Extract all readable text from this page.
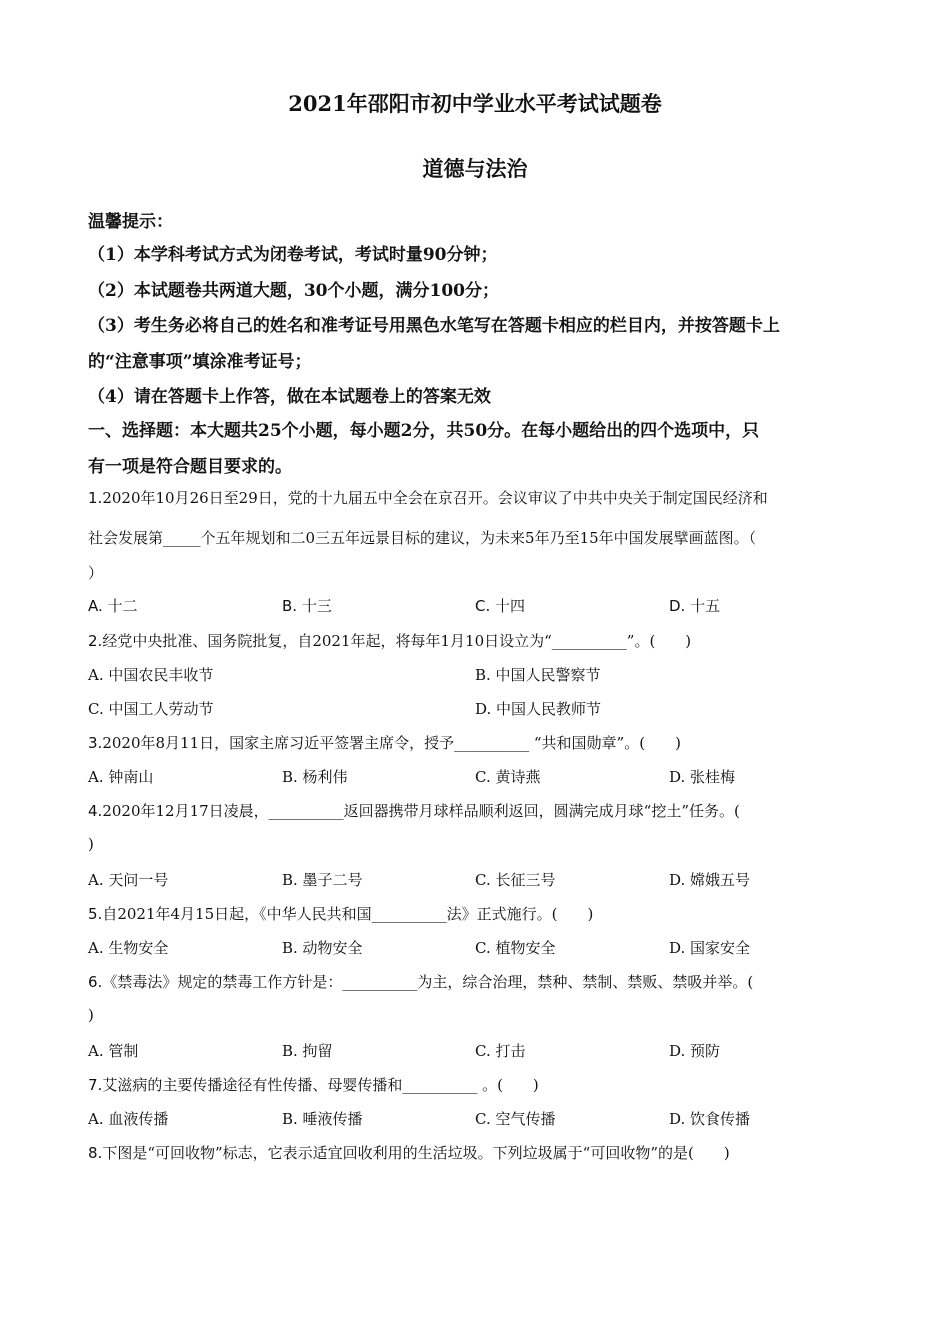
2021年邵阳市初中学业水平考试试题卷
道德与法治
温馨提示：
（1）本学科考试方式为闭卷考试，考试时量90分钟；
（2）本试题卷共两道大题，30个小题，满分100分；
（3）考生务必将自己的姓名和准考证号用黑色水笔写在答题卡相应的栏目内，并按答题卡上
的“注意事项”填涂准考证号；
（4）请在答题卡上作答，做在本试题卷上的答案无效
一、选择题：本大题共25个小题，每小题2分，共50分。在每小题给出的四个选项中，只
有一项是符合题目要求的。
1.2020年10月26日至29日，党的十九届五中全会在京召开。会议审议了中共中央关于制定国民经济和
社会发展第_____个五年规划和二0三五年远景目标的建议，为未来5年乃至15年中国发展擘画蓝图。（
）
A. 十二	B. 十三	C. 十四	D. 十五
2.经党中央批准、国务院批复，自2021年起，将每年1月10日设立为“__________”。(　　)
A. 中国农民丰收节	B. 中国人民警察节
C. 中国工人劳动节	D. 中国人民教师节
3.2020年8月11日，国家主席习近平签署主席令，授予__________ “共和国勋章”。(　　)
A. 钟南山	B. 杨利伟	C. 黄诗燕	D. 张桂梅
4.2020年12月17日凌晨，__________返回器携带月球样品顺利返回，圆满完成月球“挖土”任务。(
)
A. 天问一号	B. 墨子二号	C. 长征三号	D. 嫦娥五号
5.自2021年4月15日起，《中华人民共和国__________法》正式施行。(　　)
A. 生物安全	B. 动物安全	C. 植物安全	D. 国家安全
6.《禁毒法》规定的禁毒工作方针是：__________为主，综合治理，禁种、禁制、禁贩、禁吸并举。(
)
A. 管制	B. 拘留	C. 打击	D. 预防
7.艾滋病的主要传播途径有性传播、母婴传播和__________ 。(　　)
A. 血液传播	B. 唾液传播	C. 空气传播	D. 饮食传播
8.下图是“可回收物”标志，它表示适宜回收利用的生活垃圾。下列垃圾属于“可回收物”的是(　　)
